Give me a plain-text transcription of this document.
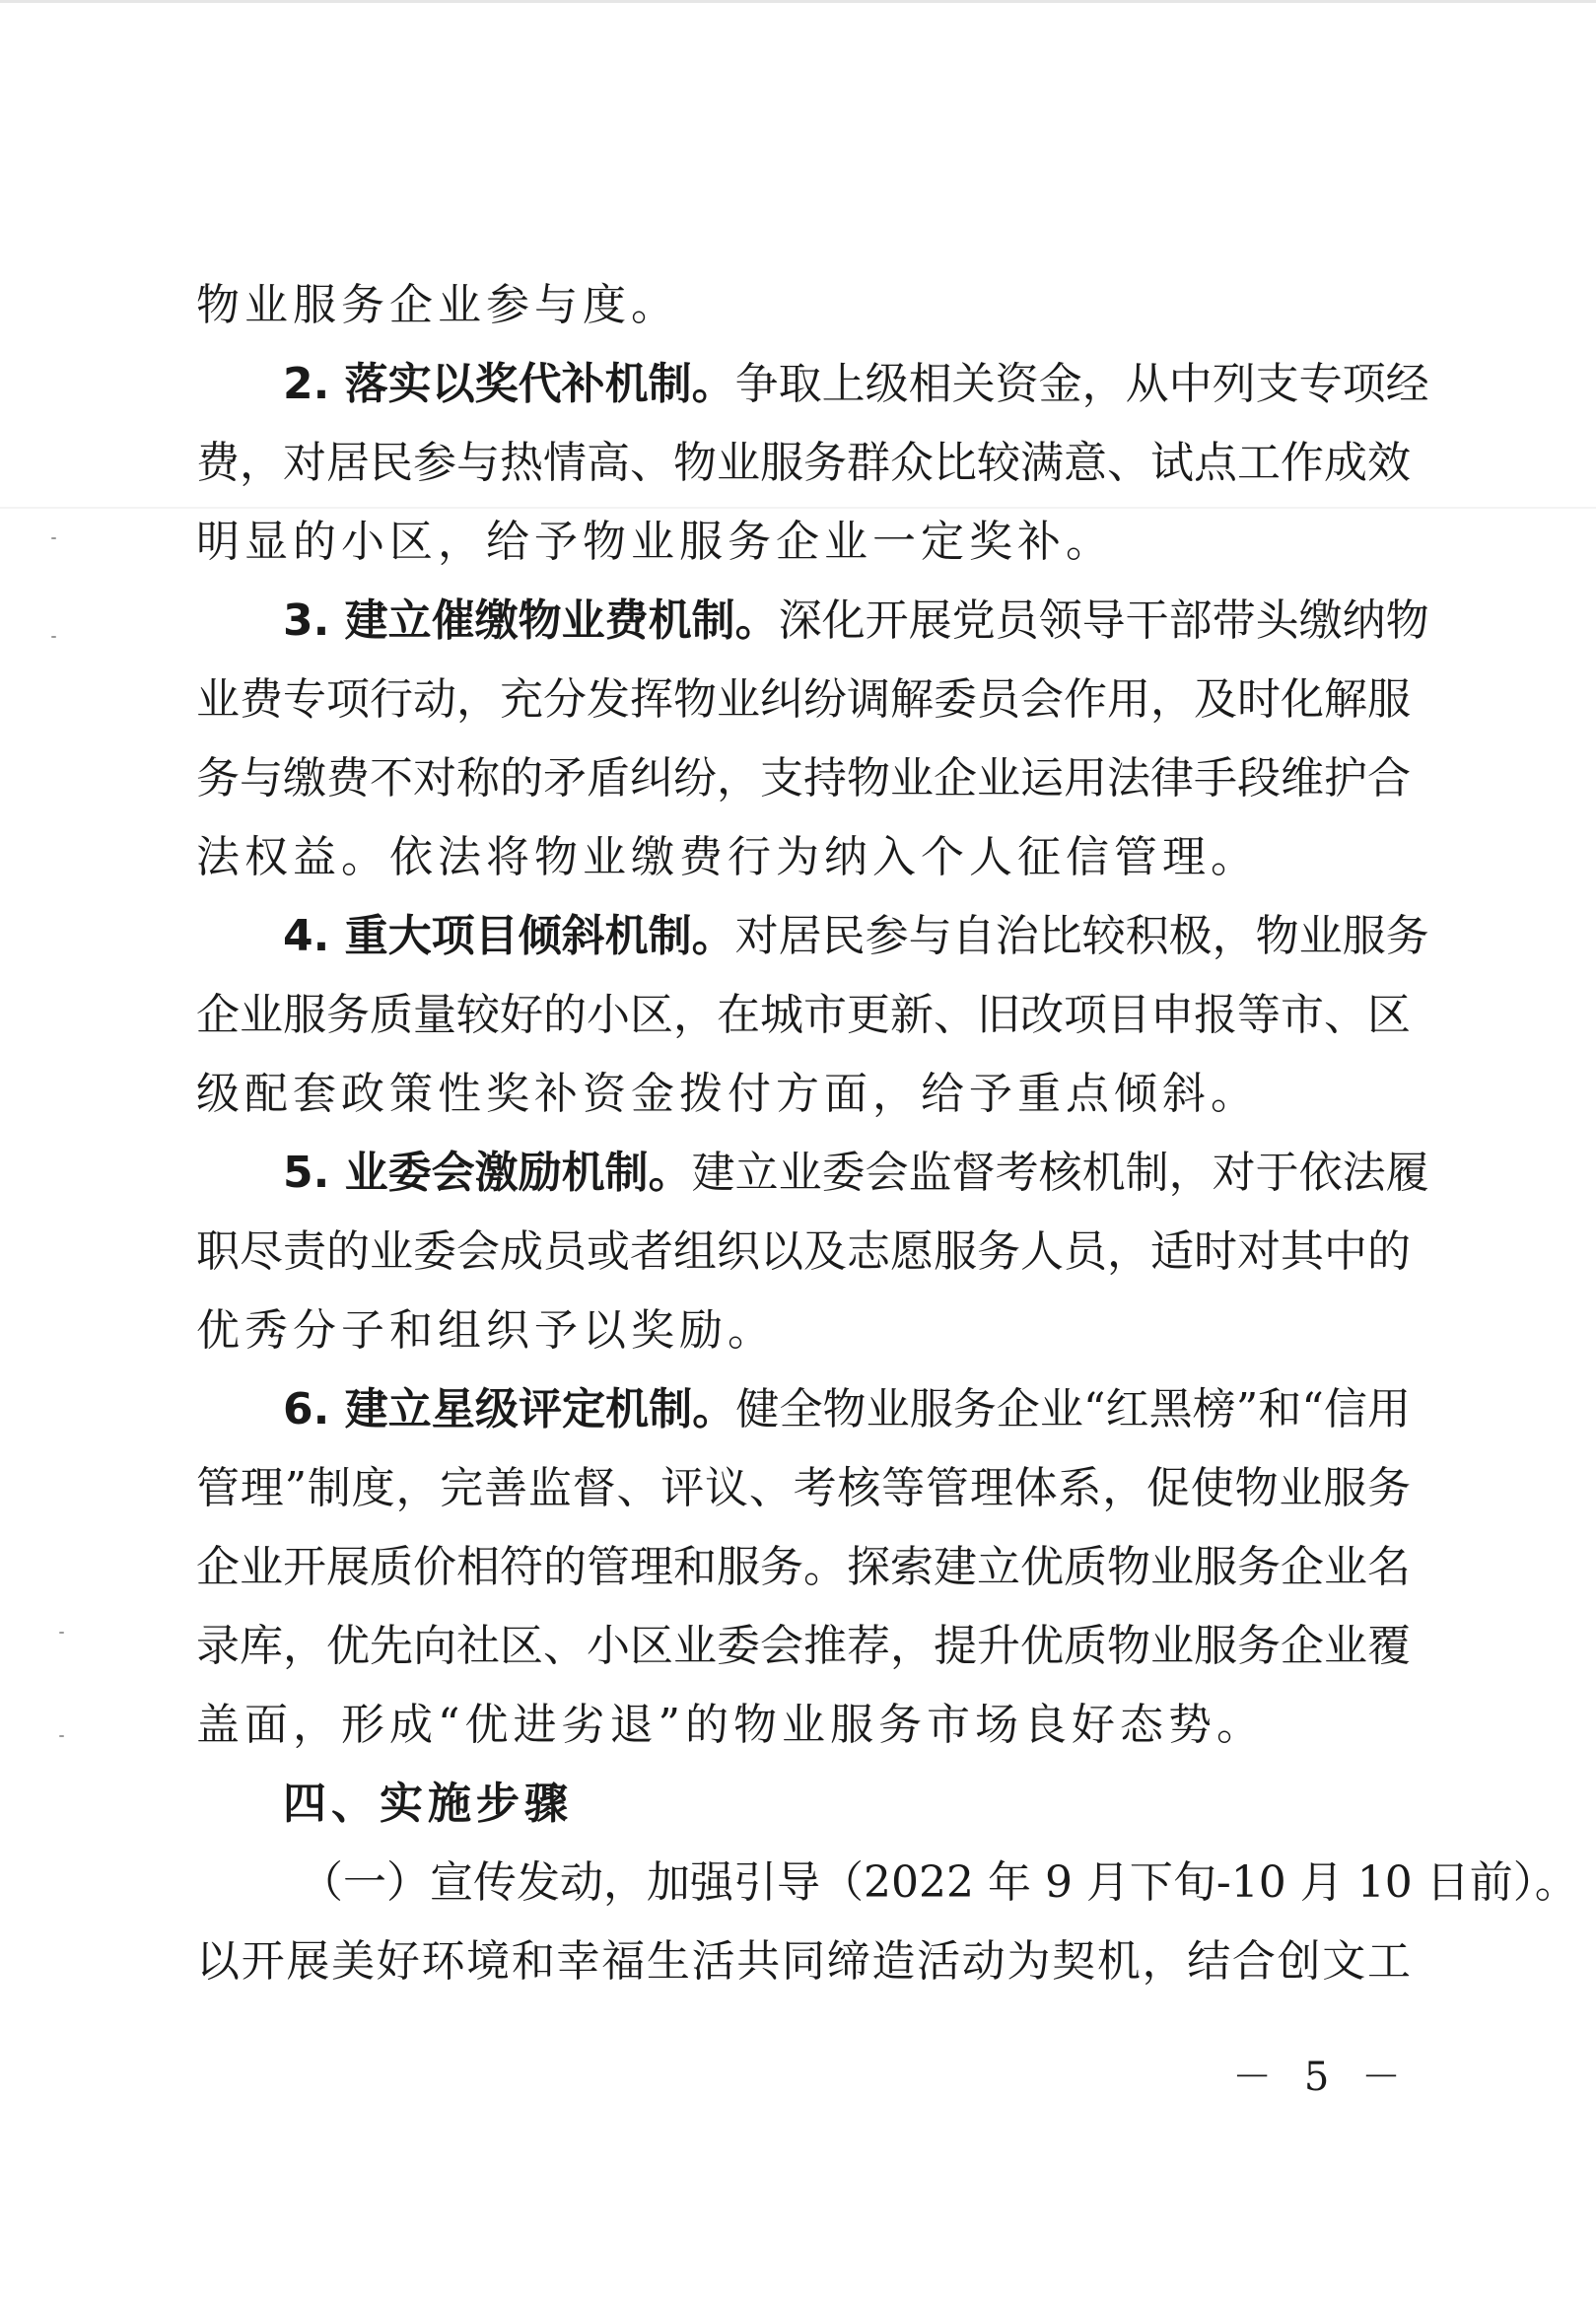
物业服务企业参与度。
2. 落实以奖代补机制。争取上级相关资金，从中列支专项经
费，对居民参与热情高、物业服务群众比较满意、试点工作成效
明显的小区，给予物业服务企业一定奖补。
3. 建立催缴物业费机制。深化开展党员领导干部带头缴纳物
业费专项行动，充分发挥物业纠纷调解委员会作用，及时化解服
务与缴费不对称的矛盾纠纷，支持物业企业运用法律手段维护合
法权益。依法将物业缴费行为纳入个人征信管理。
4. 重大项目倾斜机制。对居民参与自治比较积极，物业服务
企业服务质量较好的小区，在城市更新、旧改项目申报等市、区
级配套政策性奖补资金拨付方面，给予重点倾斜。
5. 业委会激励机制。建立业委会监督考核机制，对于依法履
职尽责的业委会成员或者组织以及志愿服务人员，适时对其中的
优秀分子和组织予以奖励。
6. 建立星级评定机制。健全物业服务企业“红黑榜”和“信用
管理”制度，完善监督、评议、考核等管理体系，促使物业服务
企业开展质价相符的管理和服务。探索建立优质物业服务企业名
录库，优先向社区、小区业委会推荐，提升优质物业服务企业覆
盖面，形成“优进劣退”的物业服务市场良好态势。
四、实施步骤
（一）宣传发动，加强引导（2022 年 9 月下旬-10 月 10 日前）。
以开展美好环境和幸福生活共同缔造活动为契机，结合创文工
－ 5 －
